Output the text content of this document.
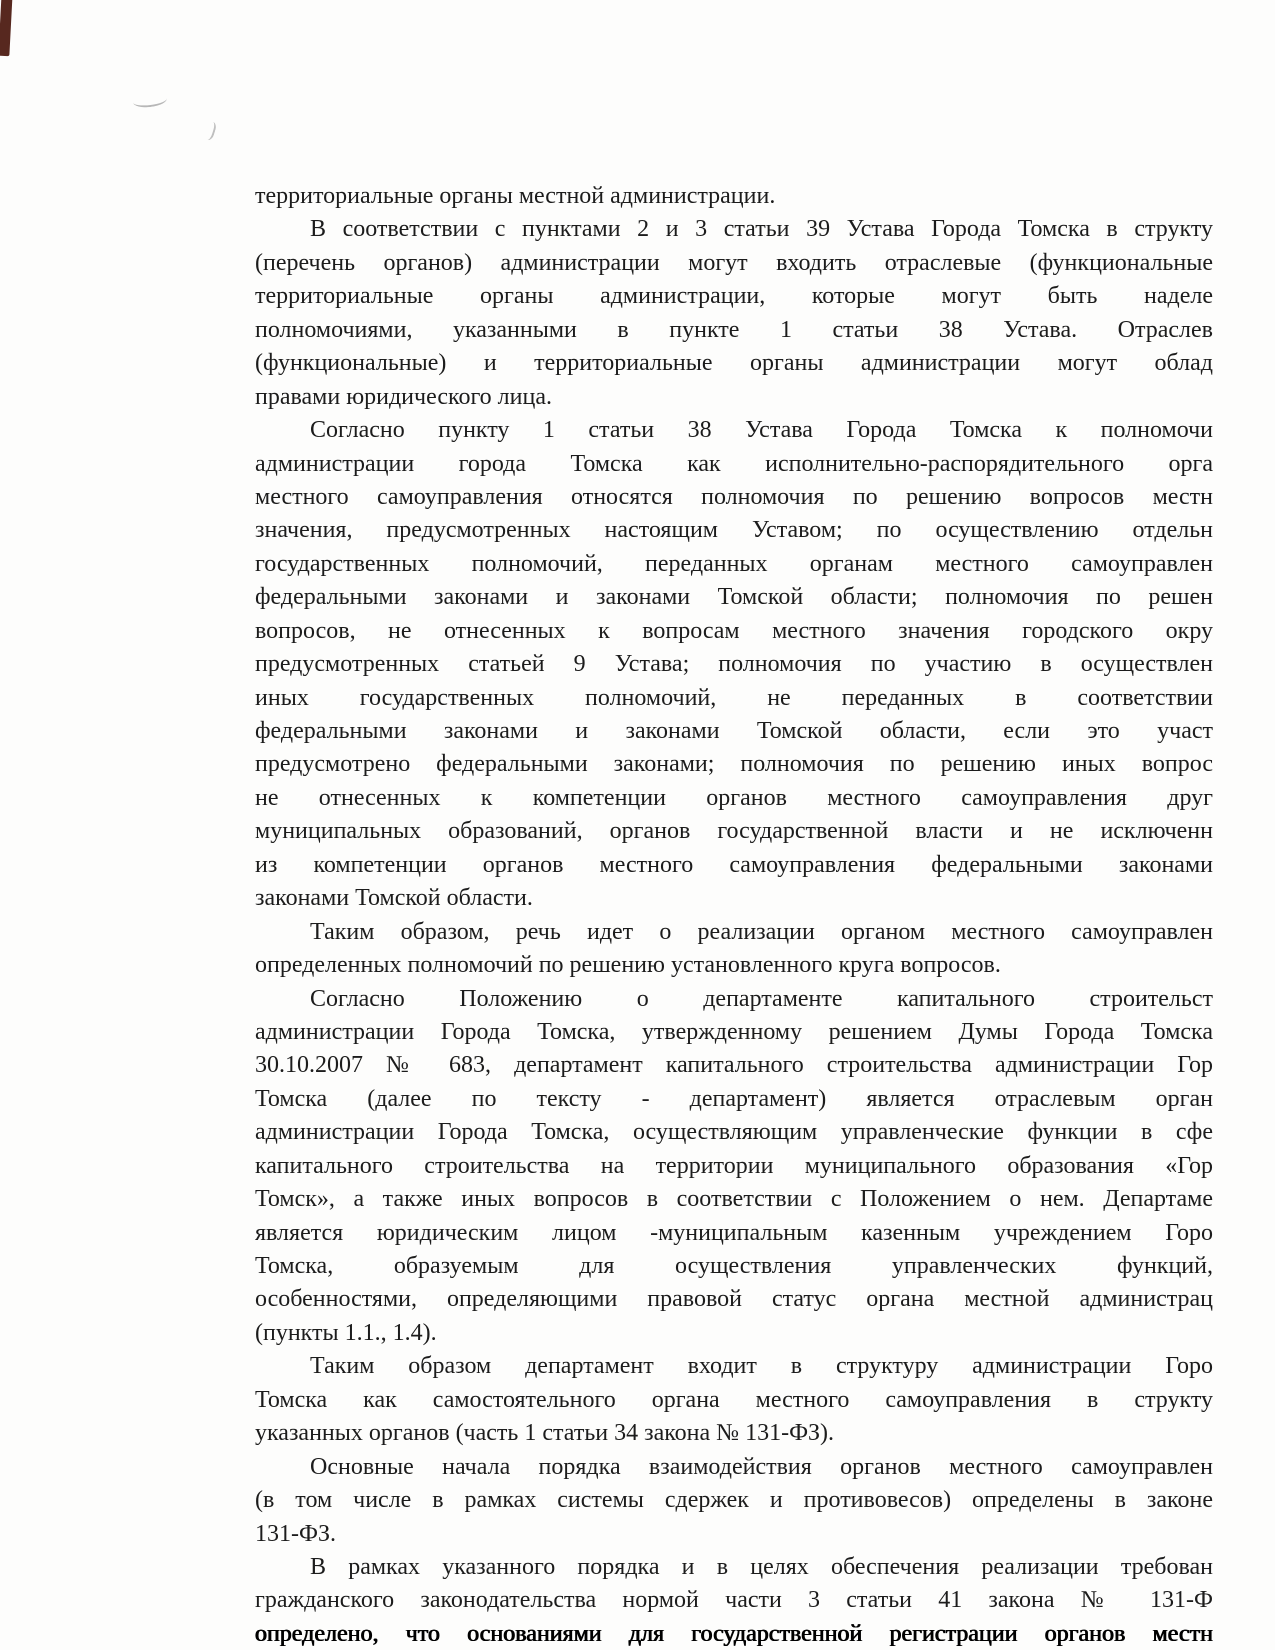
территориальные органы местной администрации.
В соответствии с пунктами 2 и 3 статьи 39 Устава Города Томска в структу
(перечень органов) администрации могут входить отраслевые (функциональные
территориальные органы администрации, которые могут быть наделе
полномочиями, указанными в пункте 1 статьи 38 Устава. Отраслев
(функциональные) и территориальные органы администрации могут облад
правами юридического лица.
Согласно пункту 1 статьи 38 Устава Города Томска к полномочи
администрации города Томска как исполнительно-распорядительного орга
местного самоуправления относятся полномочия по решению вопросов местн
значения, предусмотренных настоящим Уставом; по осуществлению отдельн
государственных полномочий, переданных органам местного самоуправлен
федеральными законами и законами Томской области; полномочия по решен
вопросов, не отнесенных к вопросам местного значения городского окру
предусмотренных статьей 9 Устава; полномочия по участию в осуществлен
иных государственных полномочий, не переданных в соответствии
федеральными законами и законами Томской области, если это участ
предусмотрено федеральными законами; полномочия по решению иных вопрос
не отнесенных к компетенции органов местного самоуправления друг
муниципальных образований, органов государственной власти и не исключенн
из компетенции органов местного самоуправления федеральными законами
законами Томской области.
Таким образом, речь идет о реализации органом местного самоуправлен
определенных полномочий по решению установленного круга вопросов.
Согласно Положению о департаменте капитального строительст
администрации Города Томска, утвержденному решением Думы Города Томска
30.10.2007 № 683, департамент капитального строительства администрации Гор
Томска (далее по тексту - департамент) является отраслевым орган
администрации Города Томска, осуществляющим управленческие функции в сфе
капитального строительства на территории муниципального образования «Гор
Томск», а также иных вопросов в соответствии с Положением о нем. Департаме
является юридическим лицом -муниципальным казенным учреждением Горо
Томска, образуемым для осуществления управленческих функций,
особенностями, определяющими правовой статус органа местной администрац
(пункты 1.1., 1.4).
Таким образом департамент входит в структуру администрации Горо
Томска как самостоятельного органа местного самоуправления в структу
указанных органов (часть 1 статьи 34 закона № 131-ФЗ).
Основные начала порядка взаимодействия органов местного самоуправлен
(в том числе в рамках системы сдержек и противовесов) определены в законе
131-ФЗ.
В рамках указанного порядка и в целях обеспечения реализации требован
гражданского законодательства нормой части 3 статьи 41 закона № 131-Ф
определено, что основаниями для государственной регистрации органов местн
